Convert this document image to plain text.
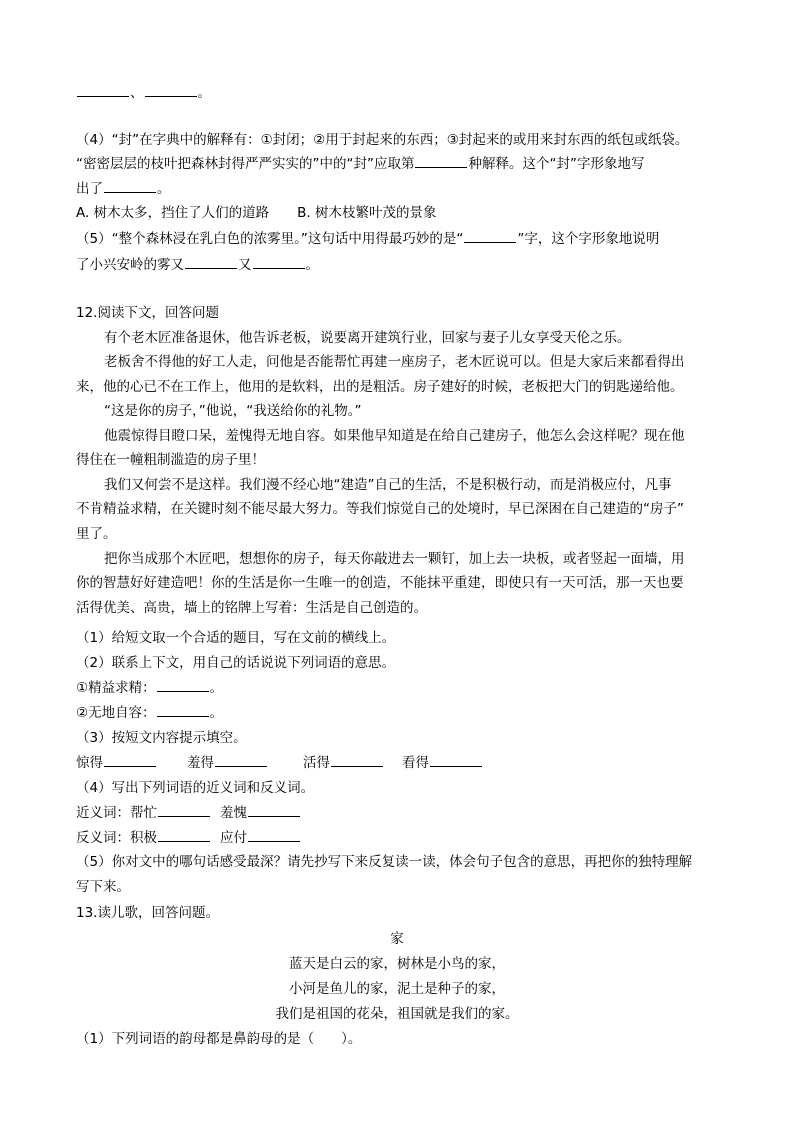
、	。
（4）“封”在字典中的解释有：①封闭；②用于封起来的东西；③封起来的或用来封东西的纸包或纸袋。
“密密层层的枝叶把森林封得严严实实的”中的“封”应取第	种解释。这个“封”字形象地写
出了	。
A. 树木太多，挡住了人们的道路 B. 树木枝繁叶茂的景象
（5）“整个森林浸在乳白色的浓雾里。”这句话中用得最巧妙的是“	”字，这个字形象地说明
了小兴安岭的雾又	又	。
12.阅读下文，回答问题
有个老木匠准备退休，他告诉老板，说要离开建筑行业，回家与妻子儿女享受天伦之乐。
老板舍不得他的好工人走，问他是否能帮忙再建一座房子，老木匠说可以。但是大家后来都看得出
来，他的心已不在工作上，他用的是软料，出的是粗活。房子建好的时候，老板把大门的钥匙递给他。
“这是你的房子，”他说，“我送给你的礼物。”
他震惊得目瞪口呆，羞愧得无地自容。如果他早知道是在给自己建房子，他怎么会这样呢？现在他
得住在一幢粗制滥造的房子里！
我们又何尝不是这样。我们漫不经心地“建造”自己的生活，不是积极行动，而是消极应付，凡事
不肯精益求精，在关键时刻不能尽最大努力。等我们惊觉自己的处境时，早已深困在自己建造的“房子”
里了。
把你当成那个木匠吧，想想你的房子，每天你敲进去一颗钉，加上去一块板，或者竖起一面墙，用
你的智慧好好建造吧！你的生活是你一生唯一的创造，不能抹平重建，即使只有一天可活，那一天也要
活得优美、高贵，墙上的铭牌上写着：生活是自己创造的。
（1）给短文取一个合适的题目，写在文前的横线上。
（2）联系上下文，用自己的话说说下列词语的意思。
①精益求精：	。
②无地自容：	。
（3）按短文内容提示填空。
惊得	羞得	活得	看得
（4）写出下列词语的近义词和反义词。
近义词：帮忙	羞愧
反义词：积极	应付
（5）你对文中的哪句话感受最深？请先抄写下来反复读一读，体会句子包含的意思，再把你的独特理解
写下来。
13.读儿歌，回答问题。
家
蓝天是白云的家，树林是小鸟的家，
小河是鱼儿的家，泥土是种子的家，
我们是祖国的花朵，祖国就是我们的家。
（1）下列词语的韵母都是鼻韵母的是（　　）。
